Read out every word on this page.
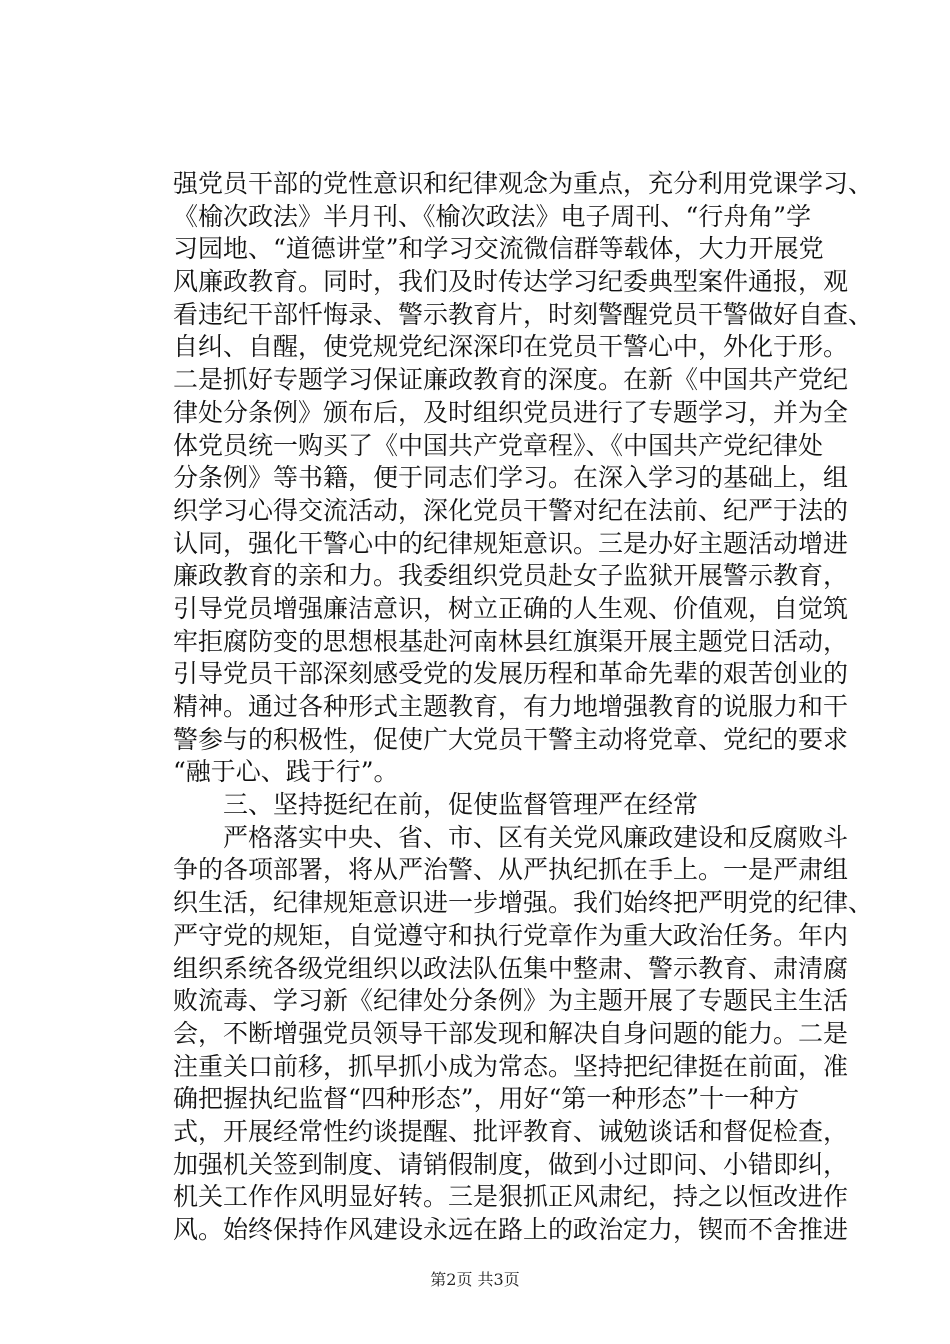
强党员干部的党性意识和纪律观念为重点，充分利用党课学习、
《榆次政法》半月刊、《榆次政法》电子周刊、“行舟角”学
习园地、“道德讲堂”和学习交流微信群等载体，大力开展党
风廉政教育。同时，我们及时传达学习纪委典型案件通报，观
看违纪干部忏悔录、警示教育片，时刻警醒党员干警做好自查、
自纠、自醒，使党规党纪深深印在党员干警心中，外化于形。
二是抓好专题学习保证廉政教育的深度。在新《中国共产党纪
律处分条例》颁布后，及时组织党员进行了专题学习，并为全
体党员统一购买了《中国共产党章程》、《中国共产党纪律处
分条例》等书籍，便于同志们学习。在深入学习的基础上，组
织学习心得交流活动，深化党员干警对纪在法前、纪严于法的
认同，强化干警心中的纪律规矩意识。三是办好主题活动增进
廉政教育的亲和力。我委组织党员赴女子监狱开展警示教育，
引导党员增强廉洁意识，树立正确的人生观、价值观，自觉筑
牢拒腐防变的思想根基赴河南林县红旗渠开展主题党日活动，
引导党员干部深刻感受党的发展历程和革命先辈的艰苦创业的
精神。通过各种形式主题教育，有力地增强教育的说服力和干
警参与的积极性，促使广大党员干警主动将党章、党纪的要求
“融于心、践于行”。
三、坚持挺纪在前，促使监督管理严在经常
严格落实中央、省、市、区有关党风廉政建设和反腐败斗
争的各项部署，将从严治警、从严执纪抓在手上。一是严肃组
织生活，纪律规矩意识进一步增强。我们始终把严明党的纪律、
严守党的规矩，自觉遵守和执行党章作为重大政治任务。年内
组织系统各级党组织以政法队伍集中整肃、警示教育、肃清腐
败流毒、学习新《纪律处分条例》为主题开展了专题民主生活
会，不断增强党员领导干部发现和解决自身问题的能力。二是
注重关口前移，抓早抓小成为常态。坚持把纪律挺在前面，准
确把握执纪监督“四种形态”，用好“第一种形态”十一种方
式，开展经常性约谈提醒、批评教育、诫勉谈话和督促检查，
加强机关签到制度、请销假制度，做到小过即问、小错即纠，
机关工作作风明显好转。三是狠抓正风肃纪，持之以恒改进作
风。始终保持作风建设永远在路上的政治定力，锲而不舍推进
第2页 共3页
